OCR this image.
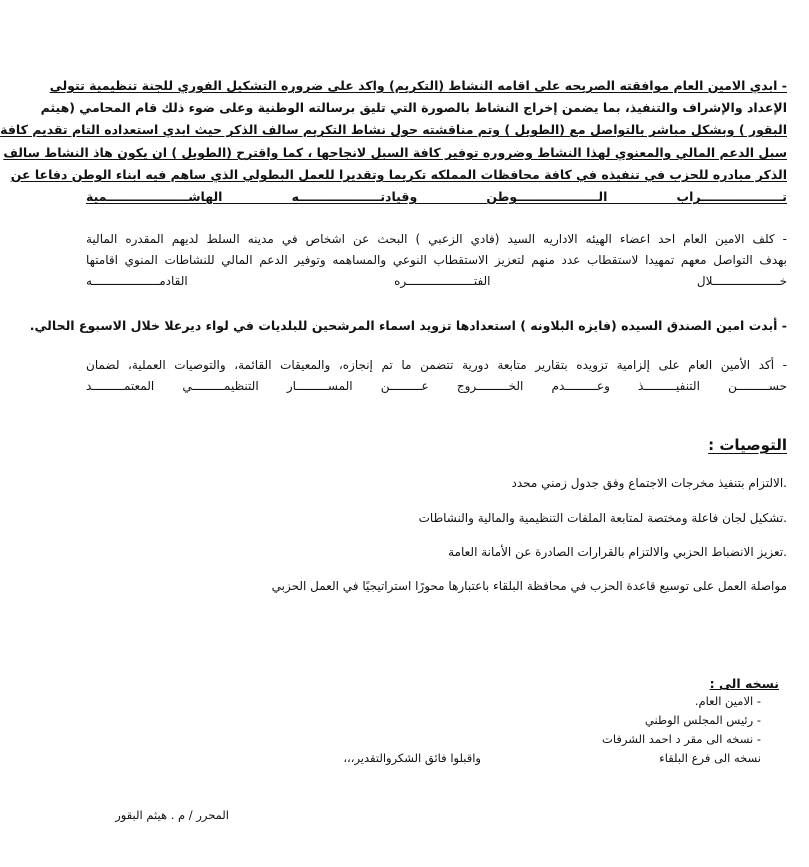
- ابدي الامين العام موافقته الصريحه على اقامه النشاط (التكريم) واكد على ضروره التشكيل الفوري للجنة تنظيمية تتولى
الإعداد والإشراف والتنفيذ، بما يضمن إخراج النشاط بالصورة التي تليق برسالته الوطنية وعلى ضوء ذلك قام المحامي (هيثم
البقور ) وبشكل مباشر بالتواصل مع (الطويل ) وتم مناقشته حول نشاط التكريم سالف الذكر حيث ابدي استعداده التام تقديم كافة
سبل الدعم المالي والمعنوي لهذا النشاط وضروره توفير كافة السبل لانجاحها ، كما واقترح (الطويل ) ان يكون هاذ النشاط سالف
الذكر مبادره للحزب في تنفيذه في كافة محافظات المملكه تكريما وتقديرا للعمل البطولي الذي ساهم فيه ابناء الوطن دفاعا عن
تـــــــــــــــــــراب الـــــــــــــــــــوطن وقيادتـــــــــــــــــــه الهاشـــــــــــــــــــمية
- كلف الامين العام احد اعضاء الهيئه الاداريه السيد (فادي الزعبي ) البحث عن اشخاص في مدينه السلط لديهم المقدره المالية
بهدف التواصل معهم تمهيدا لاستقطاب عدد منهم لتعزيز الاستقطاب النوعي والمساهمه وتوفير الدعم المالي للنشاطات المنوي اقامتها
خـــــــــــــــــــلال الفتـــــــــــــــــــره القادمـــــــــــــــــــه
- أبدت امين الصندق السيده (فايزه البلاونه ) استعدادها تزويد اسماء المرشحين للبلديات في لواء ديرعلا خلال الاسبوع الحالي.
- أكد الأمين العام على إلزامية تزويده بتقارير متابعة دورية تتضمن ما تم إنجازه، والمعيقات القائمة، والتوصيات العملية، لضمان
حســـــــــن التنفيـــــــــذ وعـــــــــدم الخـــــــــروج عـــــــــن المســـــــــار التنظيمـــــــــي المعتمـــــــــد
التوصيات :
.الالتزام بتنفيذ مخرجات الاجتماع وفق جدول زمني محدد
.تشكيل لجان فاعلة ومختصة لمتابعة الملفات التنظيمية والمالية والنشاطات
.تعزيز الانضباط الحزبي والالتزام بالقرارات الصادرة عن الأمانة العامة
مواصلة العمل على توسيع قاعدة الحزب في محافظة البلقاء باعتبارها محورًا استراتيجيًا في العمل الحزبي
نسخه الى :
- الامين العام.
- رئيس المجلس الوطني
- نسخه الى مقر د احمد الشرفات
نسخه الى فرع البلقاء
واقبلوا فائق الشكروالتقدير،،،
المحرر / م . هيثم البقور
